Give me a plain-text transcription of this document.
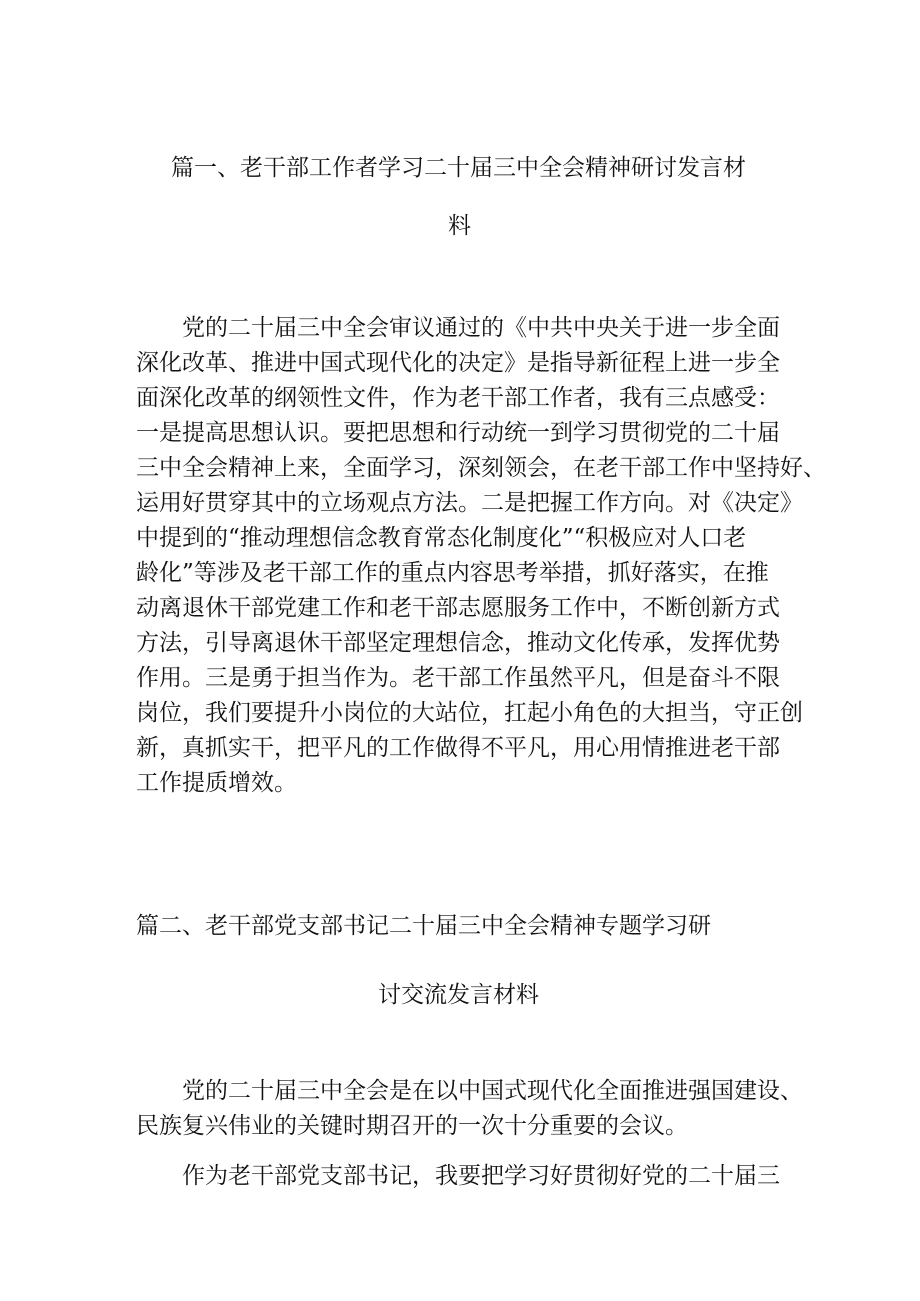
篇一、老干部工作者学习二十届三中全会精神研讨发言材
料
党的二十届三中全会审议通过的《中共中央关于进一步全面
深化改革、推进中国式现代化的决定》是指导新征程上进一步全
面深化改革的纲领性文件，作为老干部工作者，我有三点感受：
一是提高思想认识。要把思想和行动统一到学习贯彻党的二十届
三中全会精神上来，全面学习，深刻领会，在老干部工作中坚持好、
运用好贯穿其中的立场观点方法。二是把握工作方向。对《决定》
中提到的“推动理想信念教育常态化制度化”“积极应对人口老
龄化”等涉及老干部工作的重点内容思考举措，抓好落实，在推
动离退休干部党建工作和老干部志愿服务工作中，不断创新方式
方法，引导离退休干部坚定理想信念，推动文化传承，发挥优势
作用。三是勇于担当作为。老干部工作虽然平凡，但是奋斗不限
岗位，我们要提升小岗位的大站位，扛起小角色的大担当，守正创
新，真抓实干，把平凡的工作做得不平凡，用心用情推进老干部
工作提质增效。
篇二、老干部党支部书记二十届三中全会精神专题学习研
讨交流发言材料
党的二十届三中全会是在以中国式现代化全面推进强国建设、
民族复兴伟业的关键时期召开的一次十分重要的会议。
作为老干部党支部书记，我要把学习好贯彻好党的二十届三
